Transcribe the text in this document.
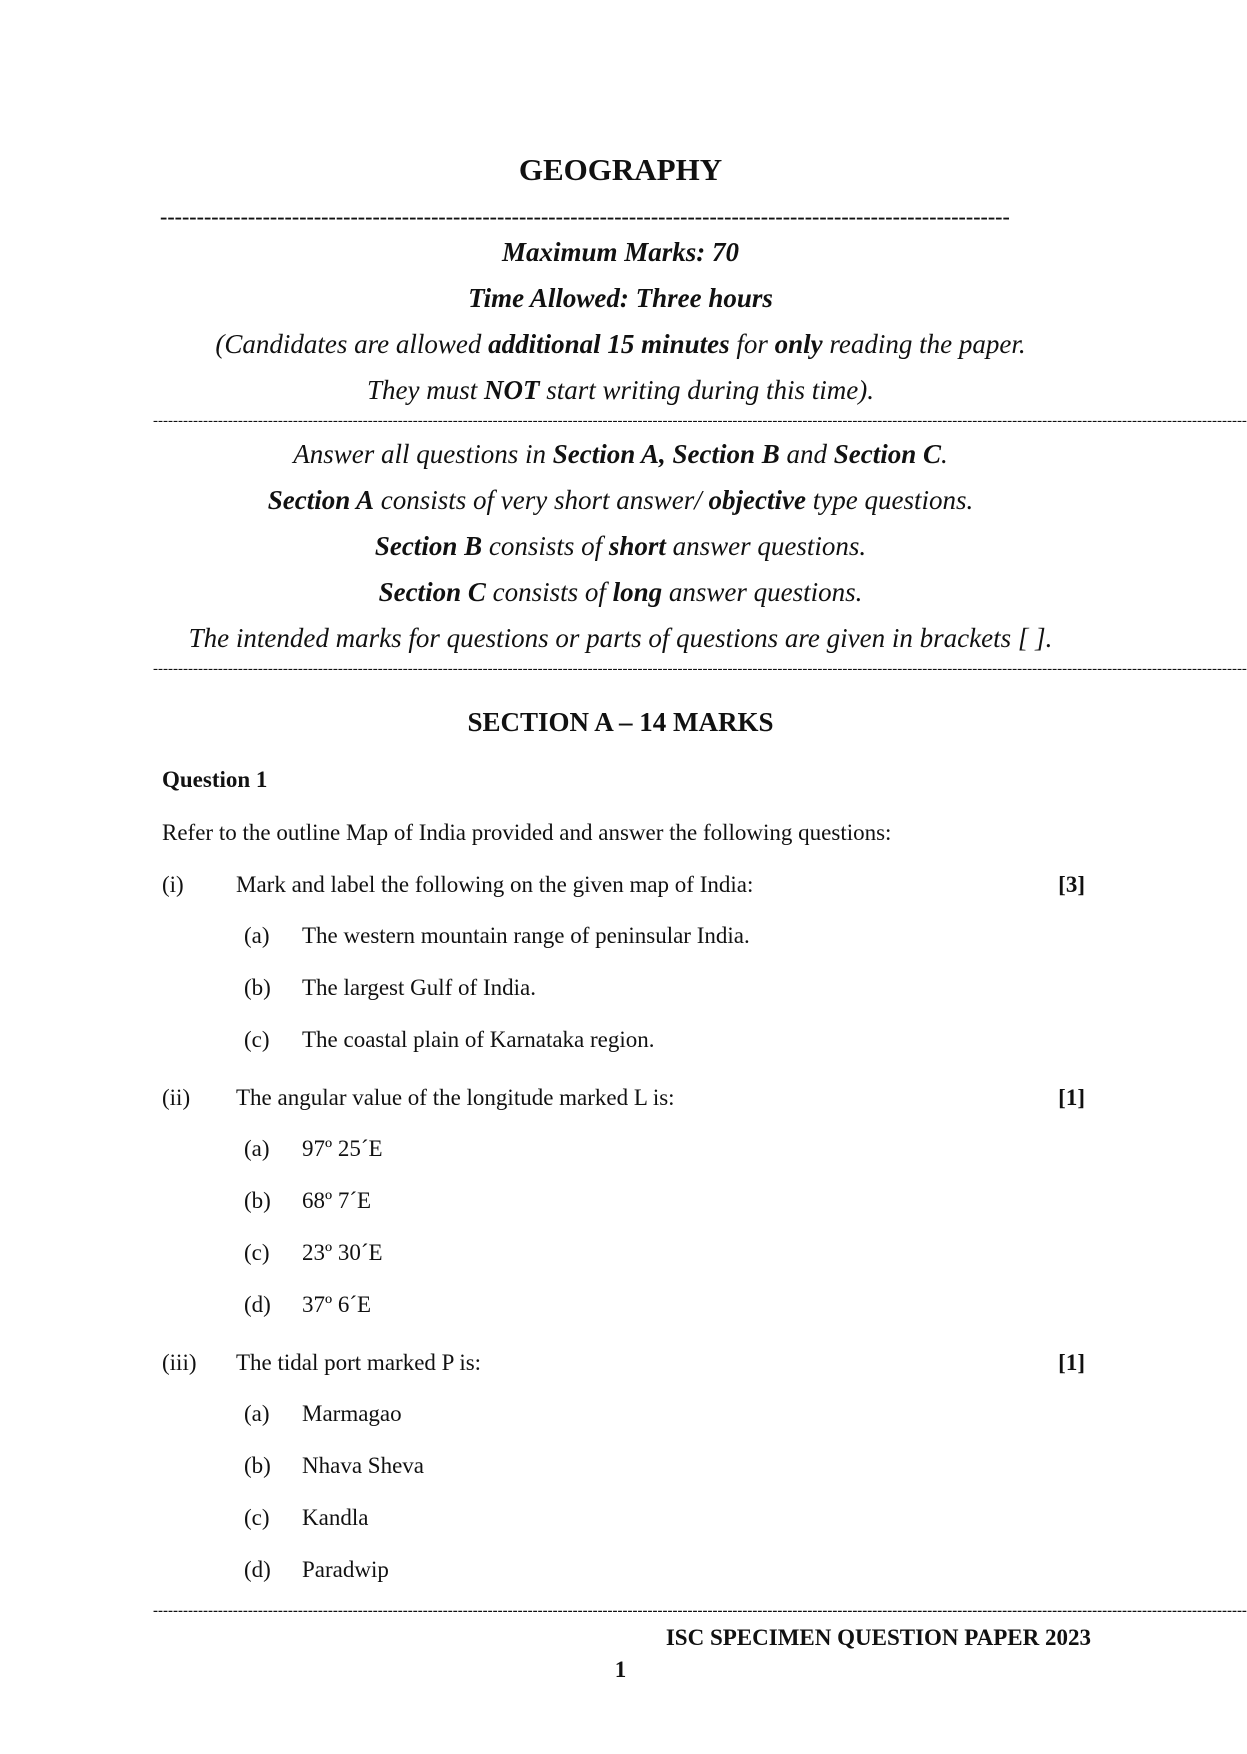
GEOGRAPHY
--------------------------------------------------------------------------------------------------------------------
Maximum Marks: 70
Time Allowed: Three hours
(Candidates are allowed additional 15 minutes for only reading the paper.
They must NOT start writing during this time).
---------------------------------------------------------------------------------------------------------------------------------------------------------------------------------------------------------------------------
Answer all questions in Section A, Section B and Section C.
Section A consists of very short answer/ objective type questions.
Section B consists of short answer questions.
Section C consists of long answer questions.
The intended marks for questions or parts of questions are given in brackets [ ].
---------------------------------------------------------------------------------------------------------------------------------------------------------------------------------------------------------------------------
SECTION A – 14 MARKS
Question 1
Refer to the outline Map of India provided and answer the following questions:
(i) Mark and label the following on the given map of India:	[3]
(a) The western mountain range of peninsular India.
(b) The largest Gulf of India.
(c) The coastal plain of Karnataka region.
(ii) The angular value of the longitude marked L is:	[1]
(a) 97º 25´E
(b) 68º 7´E
(c) 23º 30´E
(d) 37º 6´E
(iii) The tidal port marked P is:	[1]
(a) Marmagao
(b) Nhava Sheva
(c) Kandla
(d) Paradwip
---------------------------------------------------------------------------------------------------------------------------------------------------------------------------------------------------------------------------
ISC SPECIMEN QUESTION PAPER 2023
1
